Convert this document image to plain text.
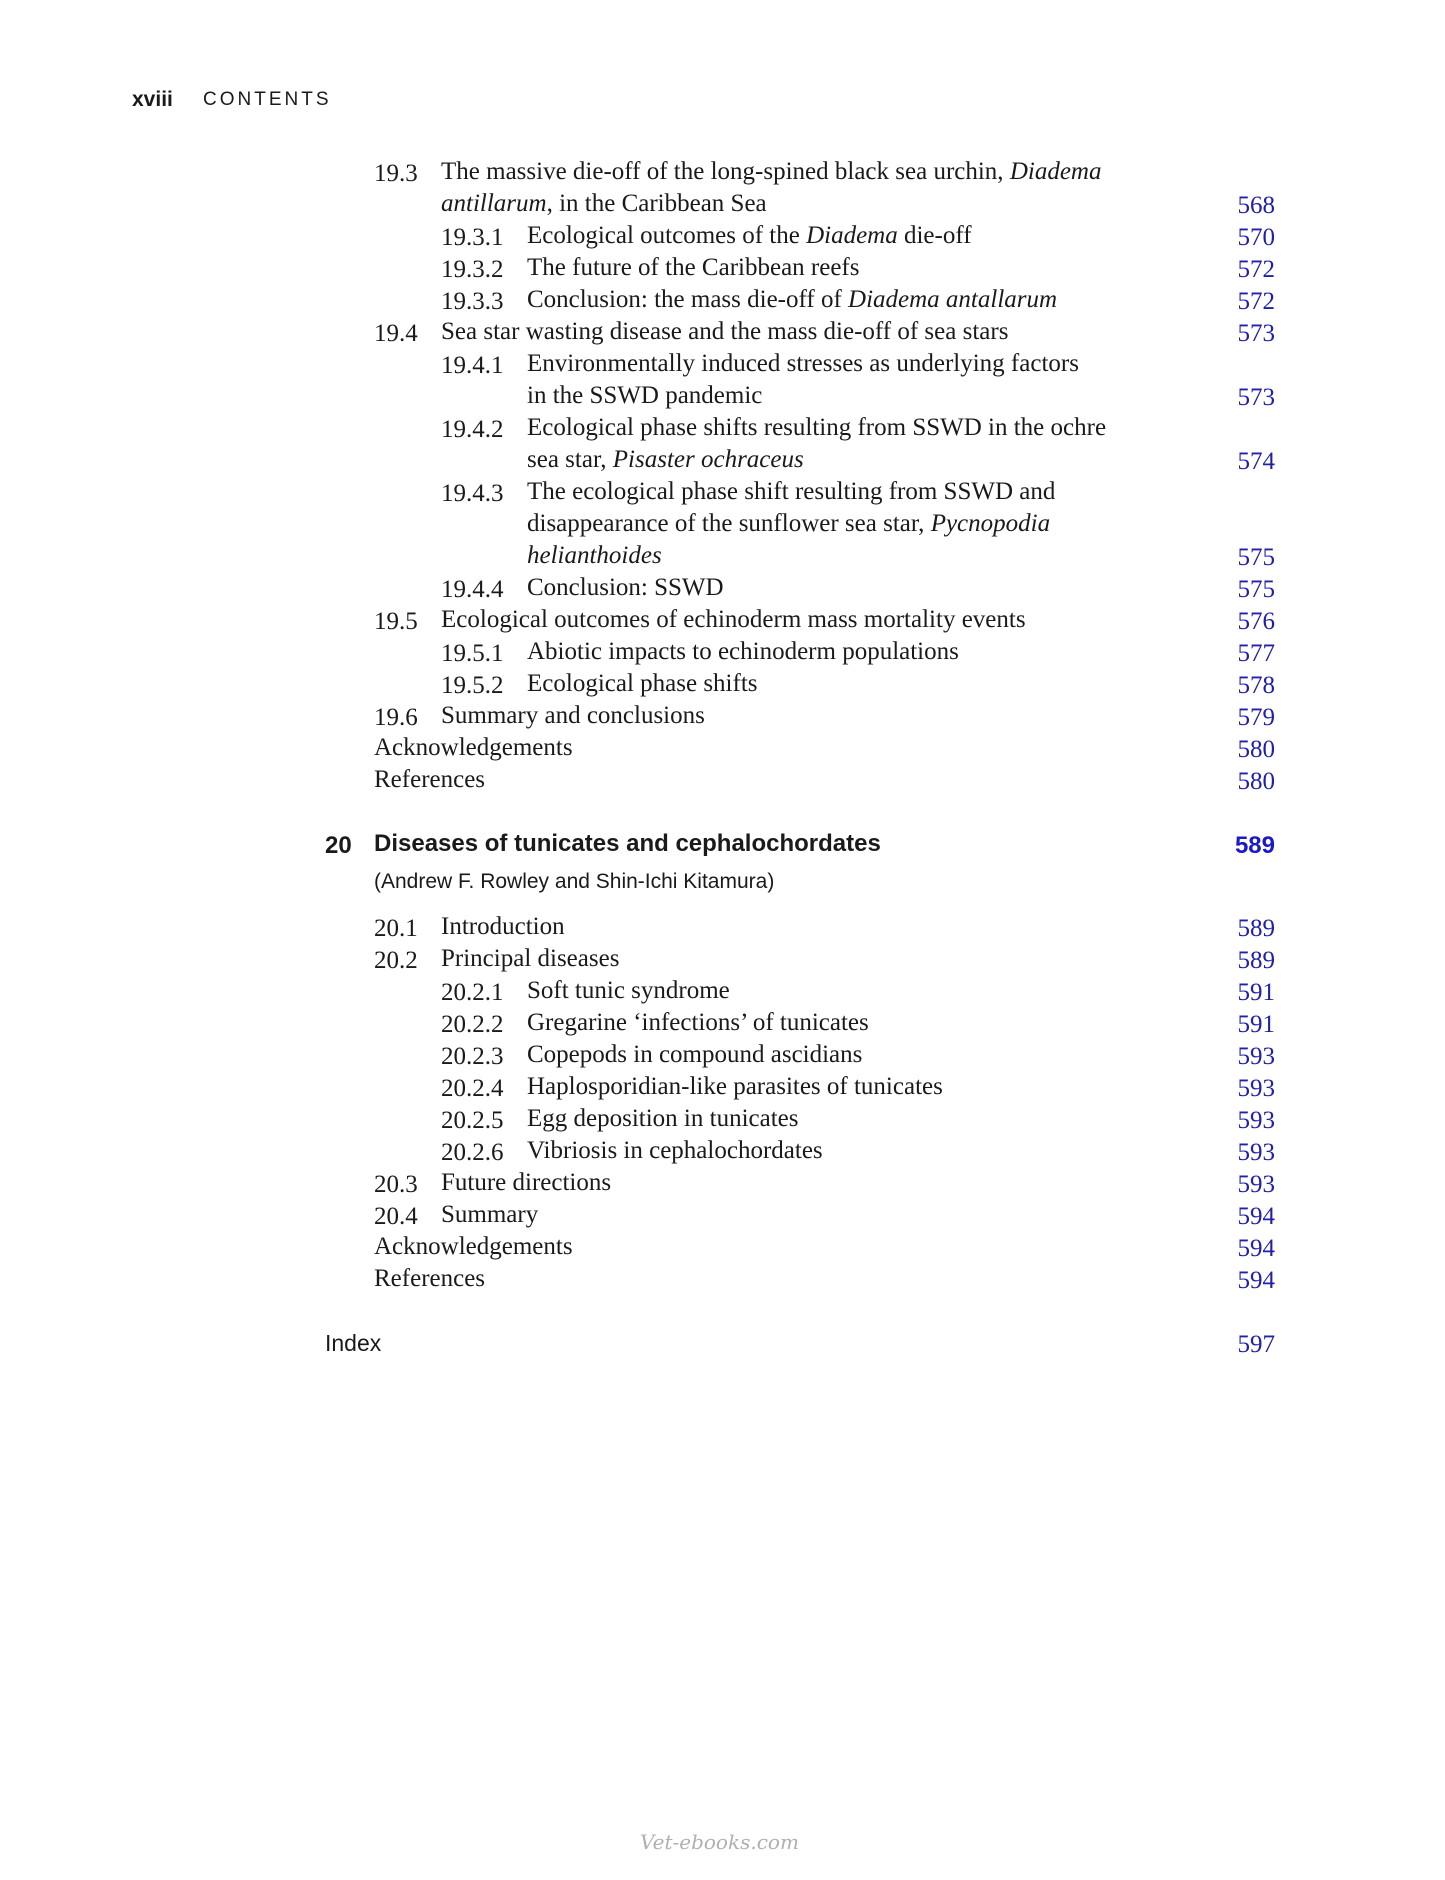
xviii CONTENTS
19.3 The massive die-off of the long-spined black sea urchin, Diadema
antillarum, in the Caribbean Sea	568
19.3.1 Ecological outcomes of the Diadema die-off	570
19.3.2 The future of the Caribbean reefs	572
19.3.3 Conclusion: the mass die-off of Diadema antallarum	572
19.4 Sea star wasting disease and the mass die-off of sea stars	573
19.4.1 Environmentally induced stresses as underlying factors
in the SSWD pandemic	573
19.4.2 Ecological phase shifts resulting from SSWD in the ochre
sea star, Pisaster ochraceus	574
19.4.3 The ecological phase shift resulting from SSWD and
disappearance of the sunflower sea star, Pycnopodia
helianthoides	575
19.4.4 Conclusion: SSWD	575
19.5 Ecological outcomes of echinoderm mass mortality events	576
19.5.1 Abiotic impacts to echinoderm populations	577
19.5.2 Ecological phase shifts	578
19.6 Summary and conclusions	579
Acknowledgements	580
References	580
20 Diseases of tunicates and cephalochordates	589
(Andrew F. Rowley and Shin-Ichi Kitamura)
20.1 Introduction	589
20.2 Principal diseases	589
20.2.1 Soft tunic syndrome	591
20.2.2 Gregarine ‘infections’ of tunicates	591
20.2.3 Copepods in compound ascidians	593
20.2.4 Haplosporidian-like parasites of tunicates	593
20.2.5 Egg deposition in tunicates	593
20.2.6 Vibriosis in cephalochordates	593
20.3 Future directions	593
20.4 Summary	594
Acknowledgements	594
References	594
Index	597
Vet-ebooks.com
